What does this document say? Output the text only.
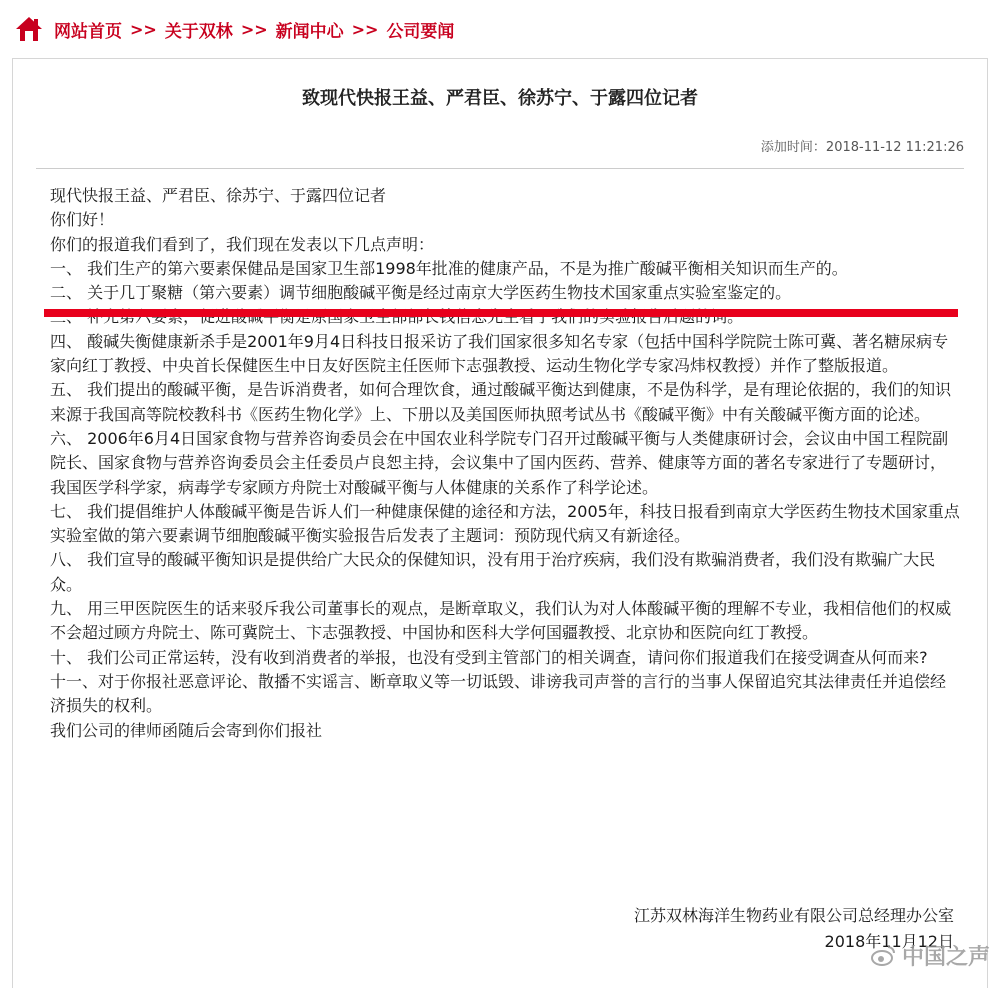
网站首页 >> 关于双林 >> 新闻中心 >> 公司要闻
致现代快报王益、严君臣、徐苏宁、于露四位记者
添加时间：2018-11-12 11:21:26

现代快报王益、严君臣、徐苏宁、于露四位记者

你们好！

你们的报道我们看到了，我们现在发表以下几点声明：

一、 我们生产的第六要素保健品是国家卫生部1998年批准的健康产品，不是为推广酸碱平衡相关知识而生产的。

二、 关于几丁聚糖（第六要素）调节细胞酸碱平衡是经过南京大学医药生物技术国家重点实验室鉴定的。

四、 酸碱失衡健康新杀手是2001年9月4日科技日报采访了我们国家很多知名专家（包括中国科学院院士陈可冀、著名糖尿病专家向红丁教授、中央首长保健医生中日友好医院主任医师卞志强教授、运动生物化学专家冯炜权教授）并作了整版报道。

五、 我们提出的酸碱平衡，是告诉消费者，如何合理饮食，通过酸碱平衡达到健康，不是伪科学，是有理论依据的，我们的知识来源于我国高等院校教科书《医药生物化学》上、下册以及美国医师执照考试丛书《酸碱平衡》中有关酸碱平衡方面的论述。

六、 2006年6月4日国家食物与营养咨询委员会在中国农业科学院专门召开过酸碱平衡与人类健康研讨会，会议由中国工程院副院长、国家食物与营养咨询委员会主任委员卢良恕主持，会议集中了国内医药、营养、健康等方面的著名专家进行了专题研讨，我国医学科学家，病毒学专家顾方舟院士对酸碱平衡与人体健康的关系作了科学论述。

七、 我们提倡维护人体酸碱平衡是告诉人们一种健康保健的途径和方法，2005年，科技日报看到南京大学医药生物技术国家重点实验室做的第六要素调节细胞酸碱平衡实验报告后发表了主题词：预防现代病又有新途径。

八、 我们宣导的酸碱平衡知识是提供给广大民众的保健知识，没有用于治疗疾病，我们没有欺骗消费者，我们没有欺骗广大民众。

九、 用三甲医院医生的话来驳斥我公司董事长的观点，是断章取义，我们认为对人体酸碱平衡的理解不专业，我相信他们的权威不会超过顾方舟院士、陈可冀院士、卞志强教授、中国协和医科大学何国疆教授、北京协和医院向红丁教授。

十、 我们公司正常运转，没有收到消费者的举报，也没有受到主管部门的相关调查，请问你们报道我们在接受调查从何而来?

十一、对于你报社恶意评论、散播不实谣言、断章取义等一切诋毁、诽谤我司声誉的言行的当事人保留追究其法律责任并追偿经济损失的权利。

我们公司的律师函随后会寄到你们报社

江苏双林海洋生物药业有限公司总经理办公室
2018年11月12日
中国之声
